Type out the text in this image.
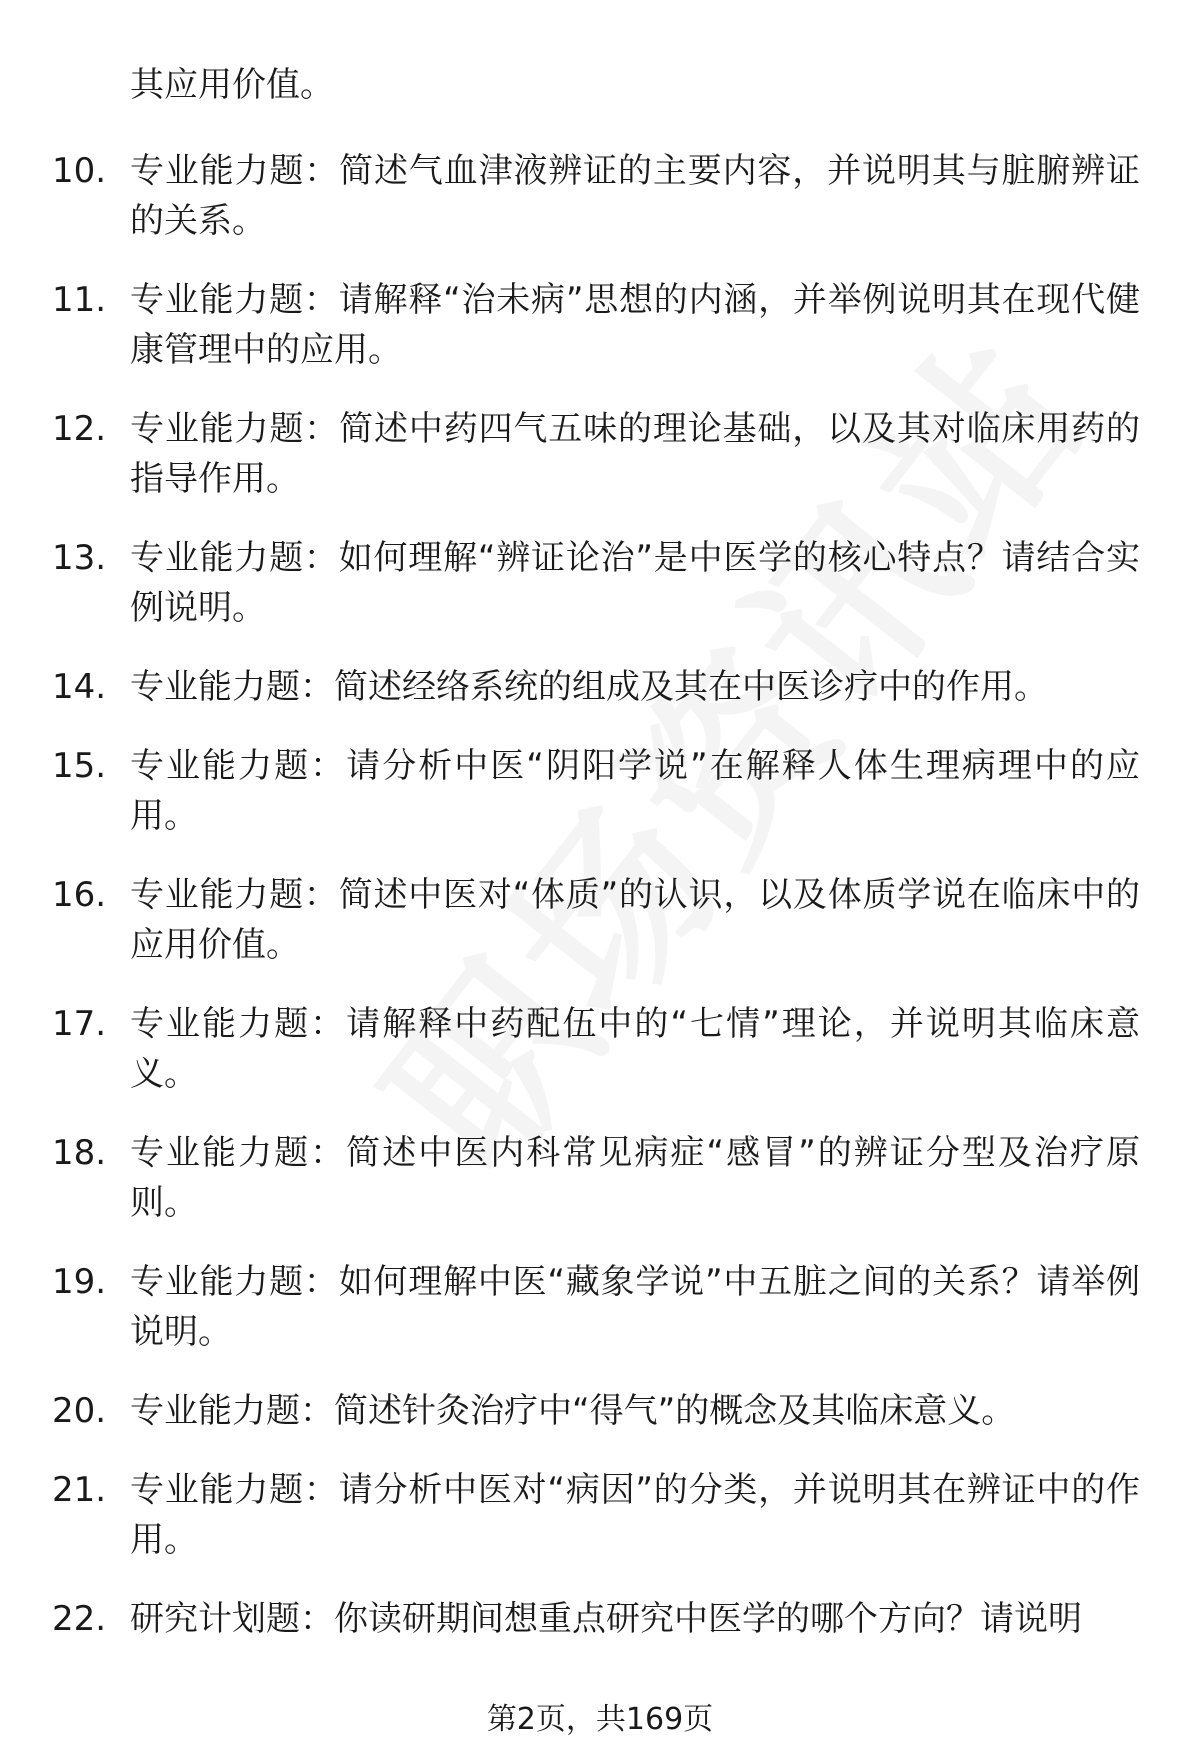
其应用价值。
10. 专业能力题：简述气血津液辨证的主要内容，并说明其与脏腑辨证的关系。
11. 专业能力题：请解释“治未病”思想的内涵，并举例说明其在现代健康管理中的应用。
12. 专业能力题：简述中药四气五味的理论基础，以及其对临床用药的指导作用。
13. 专业能力题：如何理解“辨证论治”是中医学的核心特点？请结合实例说明。
14. 专业能力题：简述经络系统的组成及其在中医诊疗中的作用。
15. 专业能力题：请分析中医“阴阳学说”在解释人体生理病理中的应用。
16. 专业能力题：简述中医对“体质”的认识，以及体质学说在临床中的应用价值。
17. 专业能力题：请解释中药配伍中的“七情”理论，并说明其临床意义。
18. 专业能力题：简述中医内科常见病症“感冒”的辨证分型及治疗原则。
19. 专业能力题：如何理解中医“藏象学说”中五脏之间的关系？请举例说明。
20. 专业能力题：简述针灸治疗中“得气”的概念及其临床意义。
21. 专业能力题：请分析中医对“病因”的分类，并说明其在辨证中的作用。
22. 研究计划题：你读研期间想重点研究中医学的哪个方向？请说明
第2页，共169页
